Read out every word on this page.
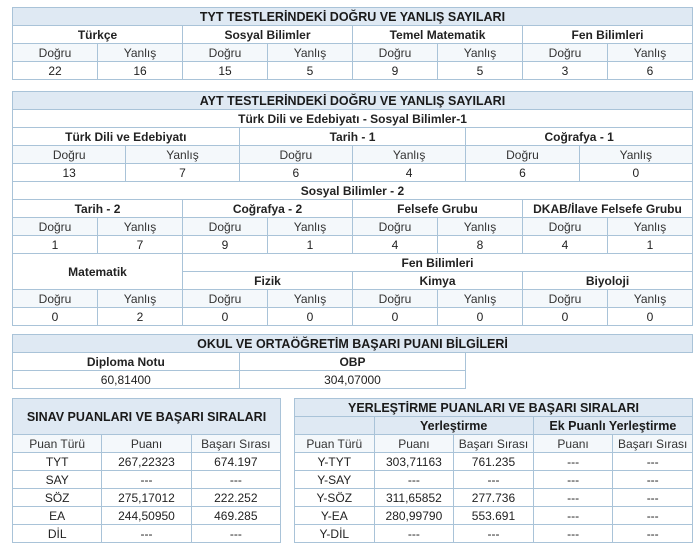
TYT TESTLERİNDEKİ DOĞRU VE YANLIŞ SAYILARI							
Türkçe		Sosyal Bilimler		Temel Matematik		Fen Bilimleri	
Doğru	Yanlış	Doğru	Yanlış	Doğru	Yanlış	Doğru	Yanlış
22	16	15	5	9	5	3	6
AYT TESTLERİNDEKİ DOĞRU VE YANLIŞ SAYILARI					
Türk Dili ve Edebiyatı - Sosyal Bilimler-1					
Türk Dili ve Edebiyatı		Tarih - 1		Coğrafya - 1	
Doğru	Yanlış	Doğru	Yanlış	Doğru	Yanlış
13	7	6	4	6	0
Sosyal Bilimler - 2							
Tarih - 2		Coğrafya - 2		Felsefe Grubu		DKAB/İlave Felsefe Grubu	
Doğru	Yanlış	Doğru	Yanlış	Doğru	Yanlış	Doğru	Yanlış
1	7	9	1	4	8	4	1
Matematik		Fen Bilimleri					
		Fizik		Kimya		Biyoloji	
Doğru	Yanlış	Doğru	Yanlış	Doğru	Yanlış	Doğru	Yanlış
0	2	0	0	0	0	0	0
OKUL VE ORTAÖĞRETİM BAŞARI PUANI BİLGİLERİ		
Diploma Notu	OBP	
60,81400	304,07000	
SINAV PUANLARI VE BAŞARI SIRALARI		
Puan Türü	Puanı	Başarı Sırası
TYT	267,22323	674.197
SAY	---	---
SÖZ	275,17012	222.252
EA	244,50950	469.285
DİL	---	---
YERLEŞTİRME PUANLARI VE BAŞARI SIRALARI				
	Yerleştirme		Ek Puanlı Yerleştirme	
Puan Türü	Puanı	Başarı Sırası	Puanı	Başarı Sırası
Y-TYT	303,71163	761.235	---	---
Y-SAY	---	---	---	---
Y-SÖZ	311,65852	277.736	---	---
Y-EA	280,99790	553.691	---	---
Y-DİL	---	---	---	---
